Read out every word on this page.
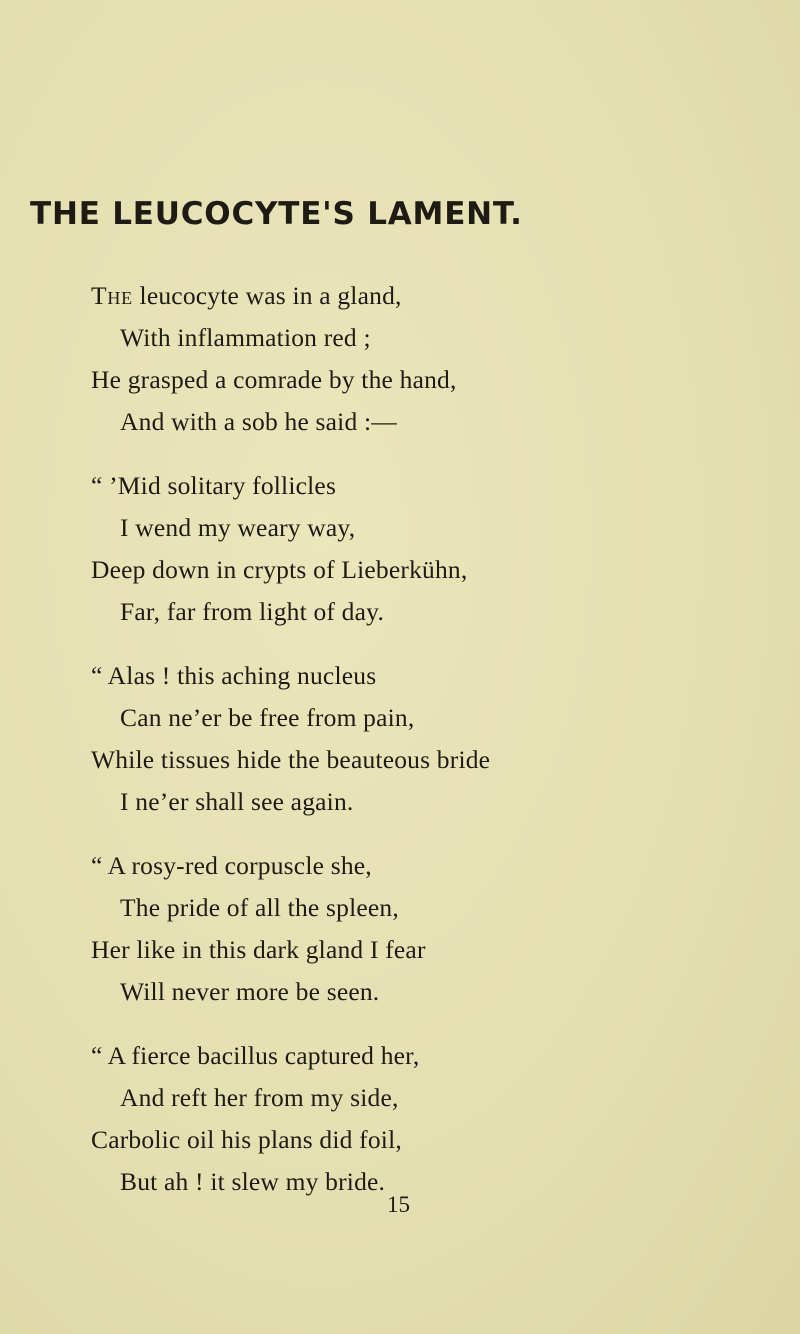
THE LEUCOCYTE'S LAMENT.

The leucocyte was in a gland,

With inflammation red ;

He grasped a comrade by the hand,

And with a sob he said :—

“ ’Mid solitary follicles

I wend my weary way,

Deep down in crypts of Lieberkühn,

Far, far from light of day.

“ Alas ! this aching nucleus

Can ne’er be free from pain,

While tissues hide the beauteous bride

I ne’er shall see again.

“ A rosy-red corpuscle she,

The pride of all the spleen,

Her like in this dark gland I fear

Will never more be seen.

“ A fierce bacillus captured her,

And reft her from my side,

Carbolic oil his plans did foil,

But ah ! it slew my bride.

15
